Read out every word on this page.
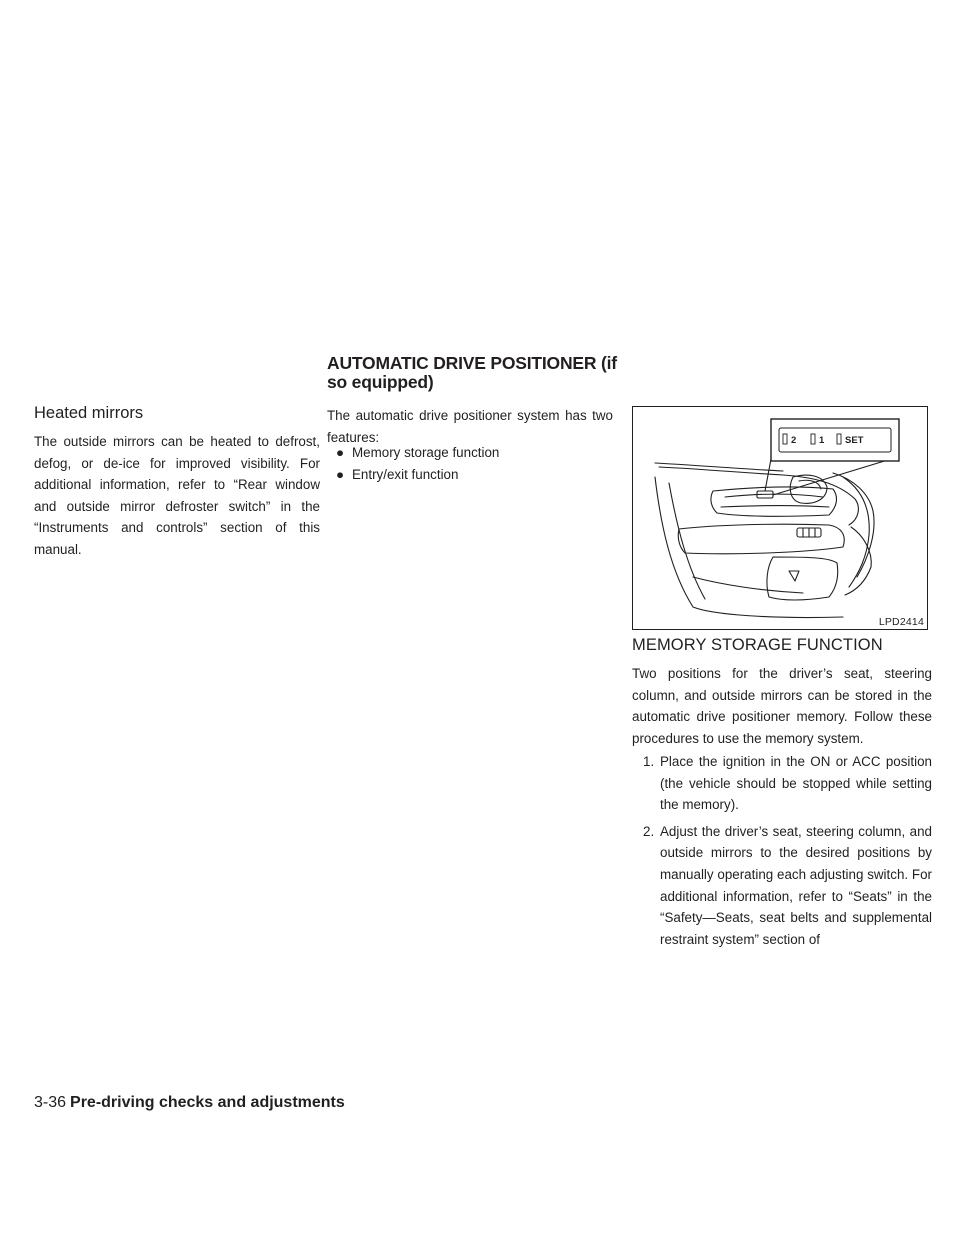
AUTOMATIC DRIVE POSITIONER (if so equipped)
Heated mirrors
The outside mirrors can be heated to defrost, defog, or de-ice for improved visibility. For additional information, refer to “Rear window and outside mirror defroster switch” in the “Instruments and controls” section of this manual.
The automatic drive positioner system has two features:
● Memory storage function
● Entry/exit function
2 1 SET
LPD2414
MEMORY STORAGE FUNCTION
Two positions for the driver’s seat, steering column, and outside mirrors can be stored in the automatic drive positioner memory. Follow these procedures to use the memory system.
1. Place the ignition in the ON or ACC position (the vehicle should be stopped while setting the memory).
2. Adjust the driver’s seat, steering column, and outside mirrors to the desired positions by manually operating each adjusting switch. For additional information, refer to “Seats” in the “Safety—Seats, seat belts and supplemental restraint system” section of
3-36 Pre-driving checks and adjustments
